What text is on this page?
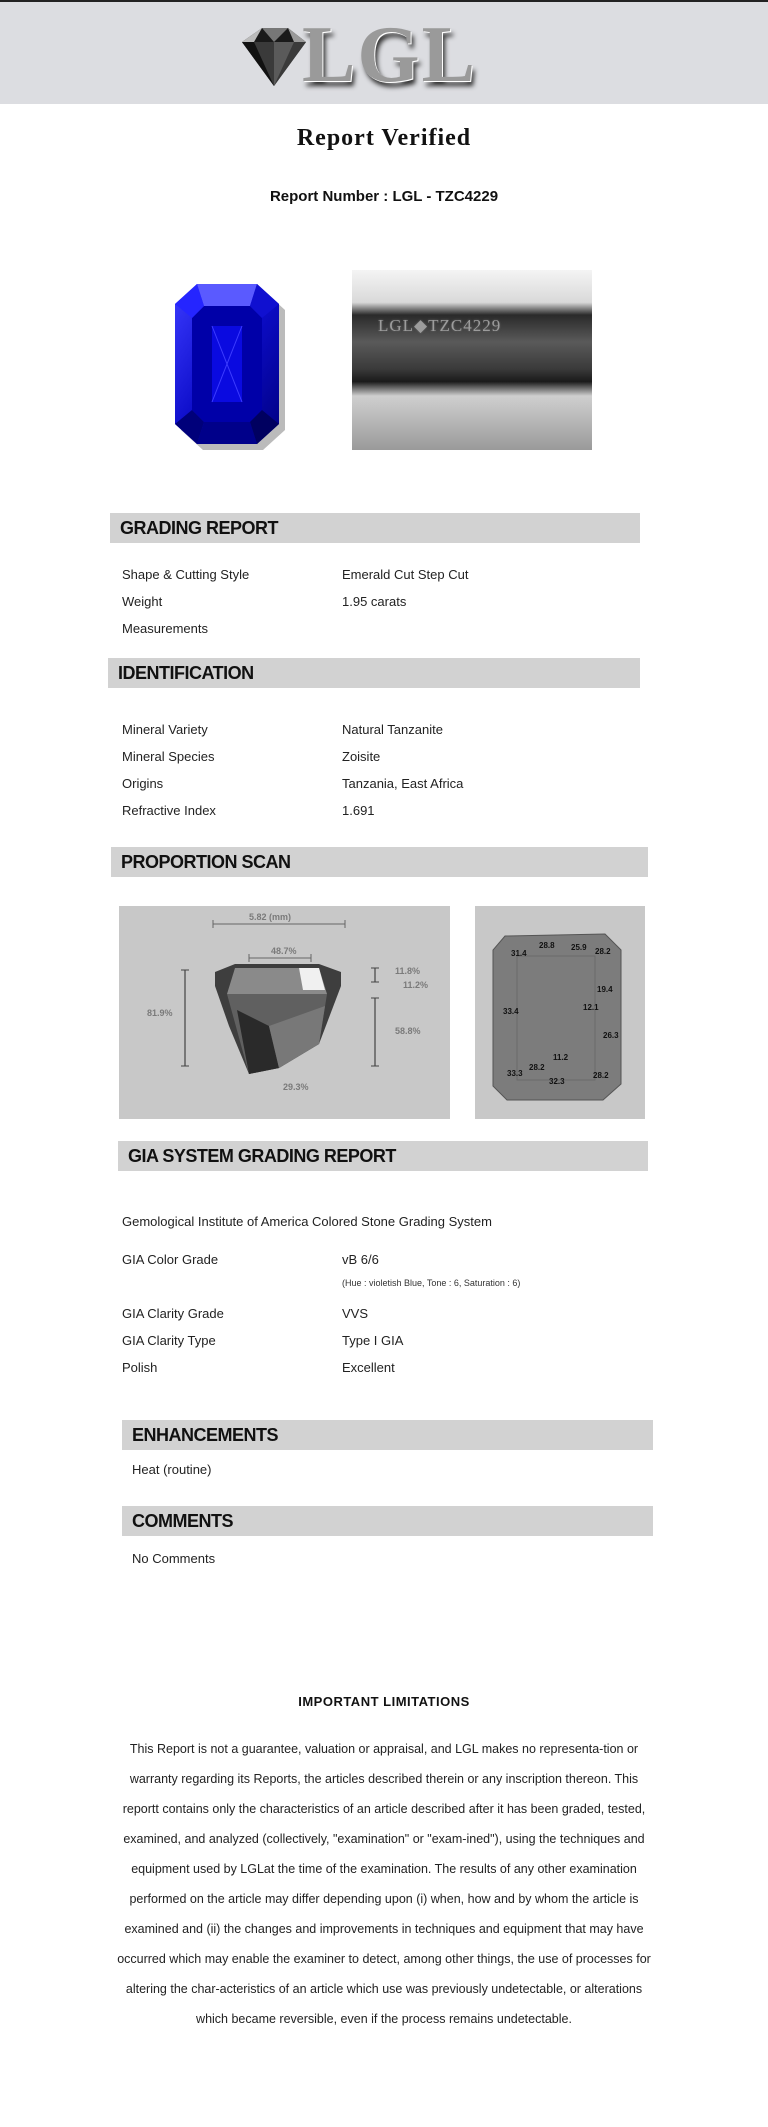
LGL
Report Verified
Report Number : LGL - TZC4229
LGL◆TZC4229
GRADING REPORT
Shape & Cutting Style	Emerald Cut Step Cut
Weight	1.95 carats
Measurements
IDENTIFICATION
Mineral Variety	Natural Tanzanite
Mineral Species	Zoisite
Origins	Tanzania, East Africa
Refractive Index	1.691
PROPORTION SCAN
5.82 (mm)
48.7%
81.9%
11.8%
11.2%
58.8%
29.3%
31.4
28.8 25.9 28.2
19.4
33.4	12.1
26.3
11.2
33.3
28.2
32.3
28.2
GIA SYSTEM GRADING REPORT
Gemological Institute of America Colored Stone Grading System
GIA Color Grade	vB 6/6
(Hue : violetish Blue, Tone : 6, Saturation : 6)
GIA Clarity Grade	VVS
GIA Clarity Type	Type I GIA
Polish	Excellent
ENHANCEMENTS
Heat (routine)
COMMENTS
No Comments
IMPORTANT LIMITATIONS
This Report is not a guarantee, valuation or appraisal, and LGL makes no representa-tion or warranty regarding its Reports, the articles described therein or any inscription thereon. This reportt contains only the characteristics of an article described after it has been graded, tested, examined, and analyzed (collectively, "examination" or "exam-ined"), using the techniques and equipment used by LGLat the time of the examination. The results of any other examination performed on the article may differ depending upon (i) when, how and by whom the article is examined and (ii) the changes and improvements in techniques and equipment that may have occurred which may enable the examiner to detect, among other things, the use of processes for altering the char-acteristics of an article which use was previously undetectable, or alterations which became reversible, even if the process remains undetectable.
